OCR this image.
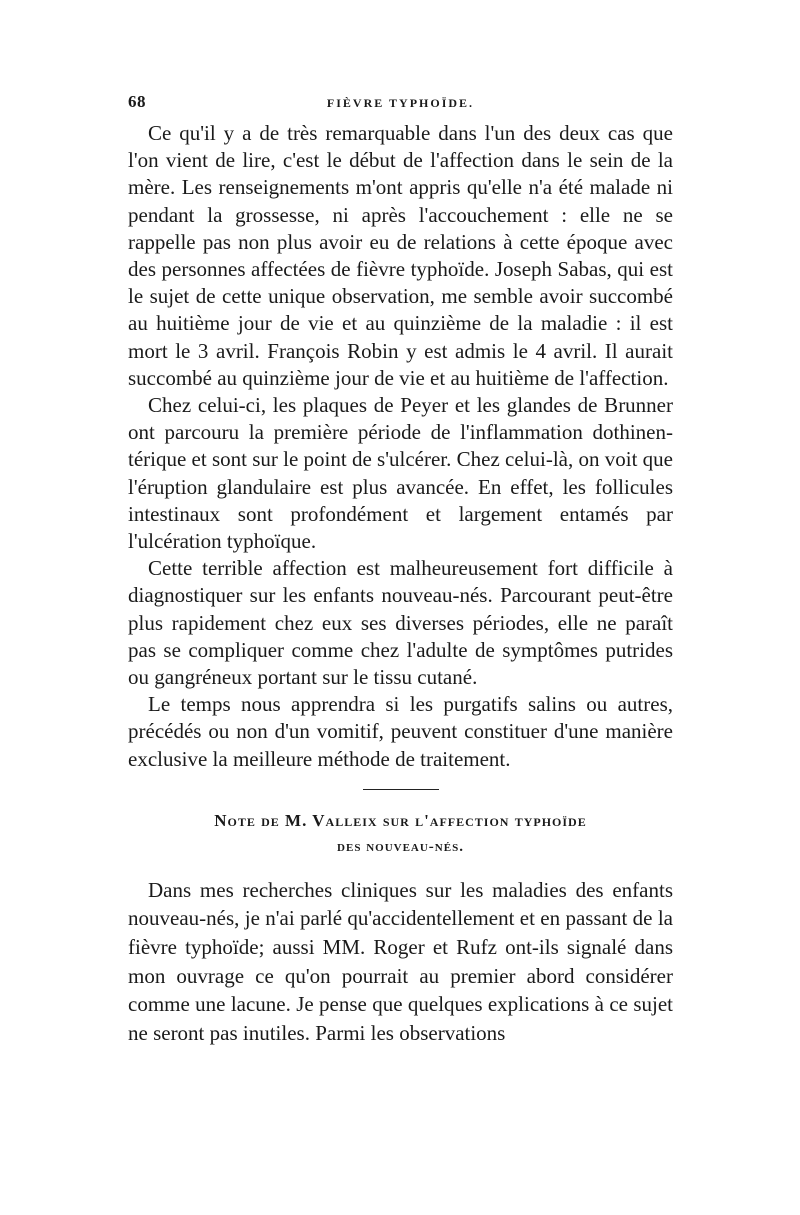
68	FIÈVRE TYPHOÏDE.

Ce qu'il y a de très remarquable dans l'un des deux cas que l'on vient de lire, c'est le début de l'affection dans le sein de la mère. Les renseignements m'ont appris qu'elle n'a été malade ni pendant la grossesse, ni après l'accouchement : elle ne se rappelle pas non plus avoir eu de relations à cette époque avec des personnes affectées de fièvre typhoïde. Joseph Sabas, qui est le sujet de cette unique observation, me semble avoir succombé au huitième jour de vie et au quinzième de la maladie : il est mort le 3 avril. François Robin y est admis le 4 avril. Il aurait succombé au quinzième jour de vie et au huitième de l'affection.

Chez celui-ci, les plaques de Peyer et les glandes de Brunner ont parcouru la première période de l'inflammation dothinentérique et sont sur le point de s'ulcérer. Chez celui-là, on voit que l'éruption glandulaire est plus avancée. En effet, les follicules intestinaux sont profondément et largement entamés par l'ulcération typhoïque.

Cette terrible affection est malheureusement fort difficile à diagnostiquer sur les enfants nouveau-nés. Parcourant peut-être plus rapidement chez eux ses diverses périodes, elle ne paraît pas se compliquer comme chez l'adulte de symptômes putrides ou gangréneux portant sur le tissu cutané.

Le temps nous apprendra si les purgatifs salins ou autres, précédés ou non d'un vomitif, peuvent constituer d'une manière exclusive la meilleure méthode de traitement.

Note de M. Valleix sur l'affection typhoïde
des nouveau-nés.

Dans mes recherches cliniques sur les maladies des enfants nouveau-nés, je n'ai parlé qu'accidentellement et en passant de la fièvre typhoïde; aussi MM. Roger et Rufz ont-ils signalé dans mon ouvrage ce qu'on pourrait au premier abord considérer comme une lacune. Je pense que quelques explications à ce sujet ne seront pas inutiles. Parmi les observations
